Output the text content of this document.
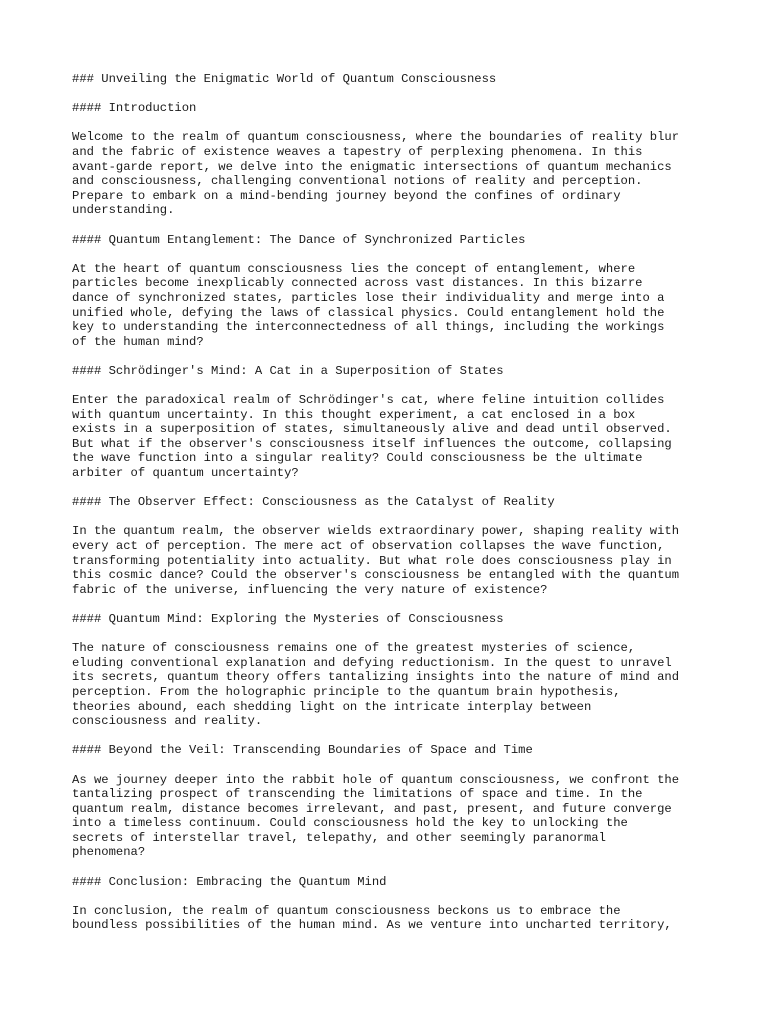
### Unveiling the Enigmatic World of Quantum Consciousness

#### Introduction

Welcome to the realm of quantum consciousness, where the boundaries of reality blur
and the fabric of existence weaves a tapestry of perplexing phenomena. In this
avant-garde report, we delve into the enigmatic intersections of quantum mechanics
and consciousness, challenging conventional notions of reality and perception.
Prepare to embark on a mind-bending journey beyond the confines of ordinary
understanding.

#### Quantum Entanglement: The Dance of Synchronized Particles

At the heart of quantum consciousness lies the concept of entanglement, where
particles become inexplicably connected across vast distances. In this bizarre
dance of synchronized states, particles lose their individuality and merge into a
unified whole, defying the laws of classical physics. Could entanglement hold the
key to understanding the interconnectedness of all things, including the workings
of the human mind?

#### Schrödinger's Mind: A Cat in a Superposition of States

Enter the paradoxical realm of Schrödinger's cat, where feline intuition collides
with quantum uncertainty. In this thought experiment, a cat enclosed in a box
exists in a superposition of states, simultaneously alive and dead until observed.
But what if the observer's consciousness itself influences the outcome, collapsing
the wave function into a singular reality? Could consciousness be the ultimate
arbiter of quantum uncertainty?

#### The Observer Effect: Consciousness as the Catalyst of Reality

In the quantum realm, the observer wields extraordinary power, shaping reality with
every act of perception. The mere act of observation collapses the wave function,
transforming potentiality into actuality. But what role does consciousness play in
this cosmic dance? Could the observer's consciousness be entangled with the quantum
fabric of the universe, influencing the very nature of existence?

#### Quantum Mind: Exploring the Mysteries of Consciousness

The nature of consciousness remains one of the greatest mysteries of science,
eluding conventional explanation and defying reductionism. In the quest to unravel
its secrets, quantum theory offers tantalizing insights into the nature of mind and
perception. From the holographic principle to the quantum brain hypothesis,
theories abound, each shedding light on the intricate interplay between
consciousness and reality.

#### Beyond the Veil: Transcending Boundaries of Space and Time

As we journey deeper into the rabbit hole of quantum consciousness, we confront the
tantalizing prospect of transcending the limitations of space and time. In the
quantum realm, distance becomes irrelevant, and past, present, and future converge
into a timeless continuum. Could consciousness hold the key to unlocking the
secrets of interstellar travel, telepathy, and other seemingly paranormal
phenomena?

#### Conclusion: Embracing the Quantum Mind

In conclusion, the realm of quantum consciousness beckons us to embrace the
boundless possibilities of the human mind. As we venture into uncharted territory,
